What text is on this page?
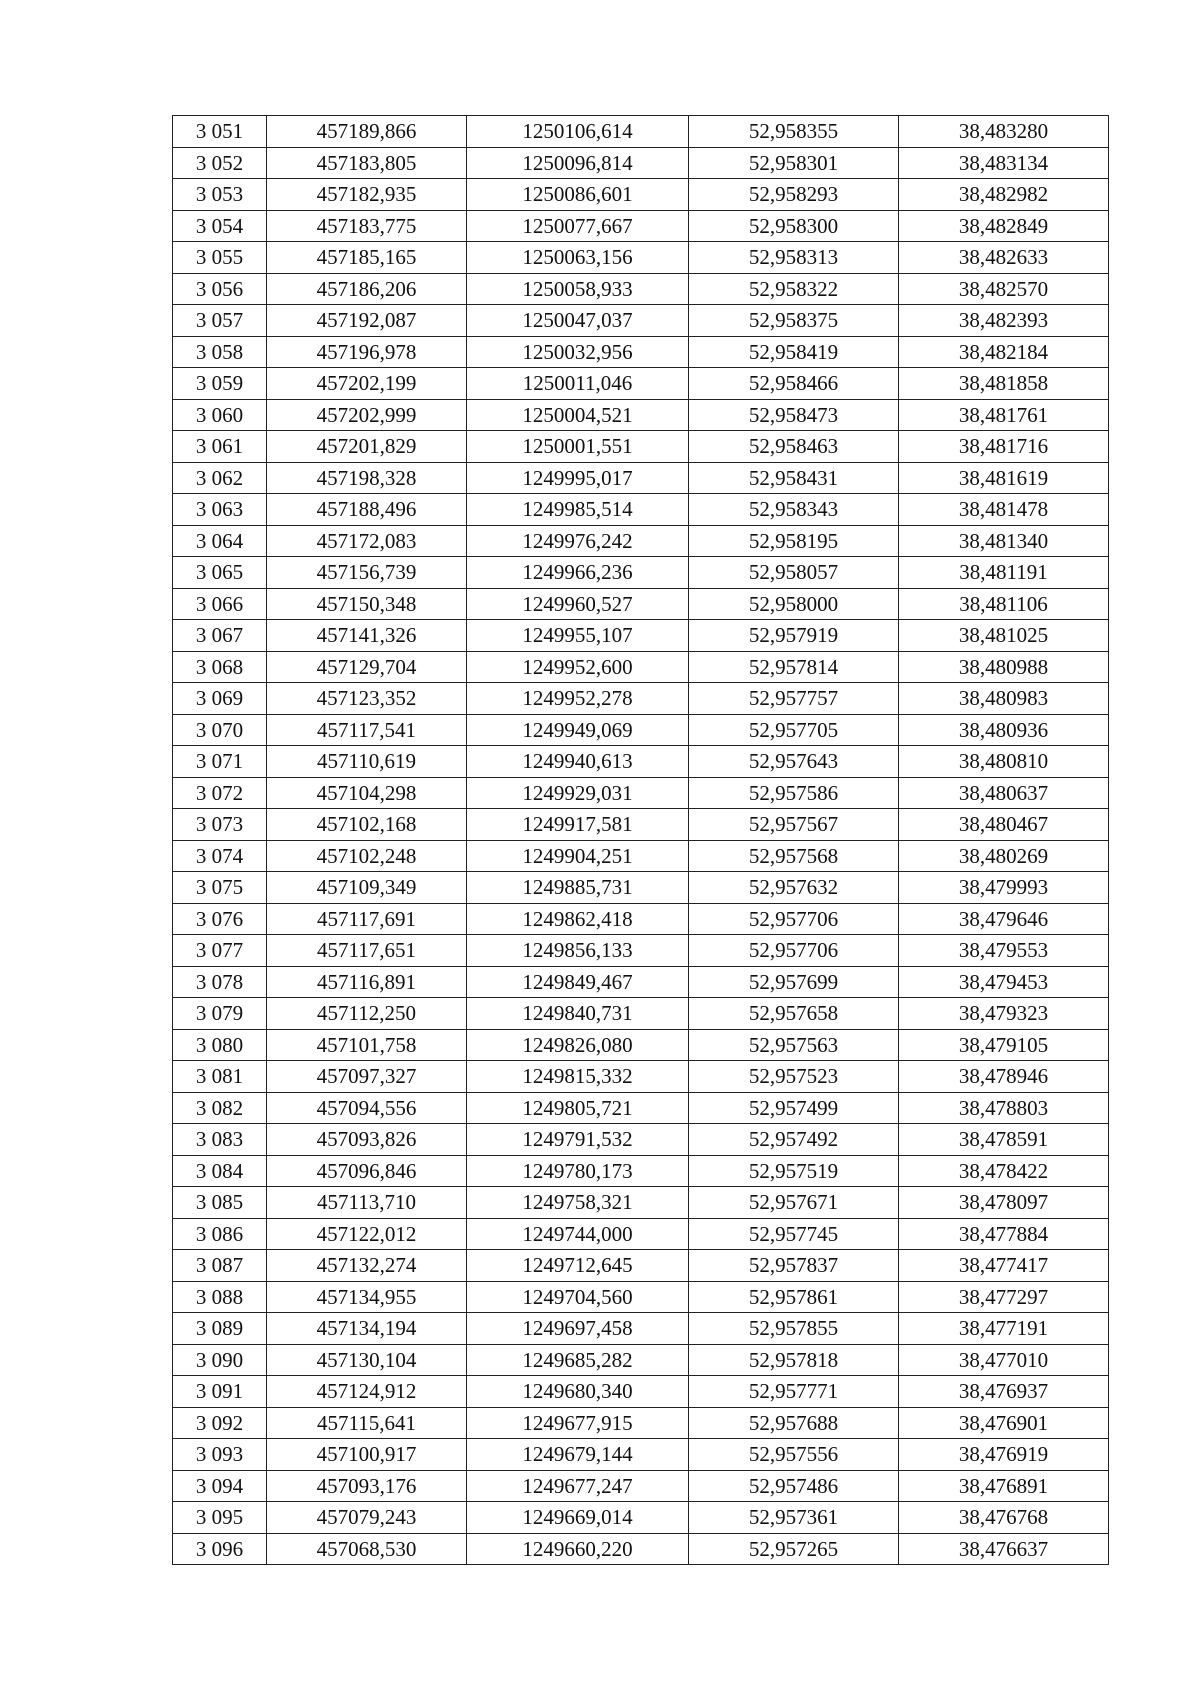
3 051	457189,866	1250106,614	52,958355	38,483280
3 052	457183,805	1250096,814	52,958301	38,483134
3 053	457182,935	1250086,601	52,958293	38,482982
3 054	457183,775	1250077,667	52,958300	38,482849
3 055	457185,165	1250063,156	52,958313	38,482633
3 056	457186,206	1250058,933	52,958322	38,482570
3 057	457192,087	1250047,037	52,958375	38,482393
3 058	457196,978	1250032,956	52,958419	38,482184
3 059	457202,199	1250011,046	52,958466	38,481858
3 060	457202,999	1250004,521	52,958473	38,481761
3 061	457201,829	1250001,551	52,958463	38,481716
3 062	457198,328	1249995,017	52,958431	38,481619
3 063	457188,496	1249985,514	52,958343	38,481478
3 064	457172,083	1249976,242	52,958195	38,481340
3 065	457156,739	1249966,236	52,958057	38,481191
3 066	457150,348	1249960,527	52,958000	38,481106
3 067	457141,326	1249955,107	52,957919	38,481025
3 068	457129,704	1249952,600	52,957814	38,480988
3 069	457123,352	1249952,278	52,957757	38,480983
3 070	457117,541	1249949,069	52,957705	38,480936
3 071	457110,619	1249940,613	52,957643	38,480810
3 072	457104,298	1249929,031	52,957586	38,480637
3 073	457102,168	1249917,581	52,957567	38,480467
3 074	457102,248	1249904,251	52,957568	38,480269
3 075	457109,349	1249885,731	52,957632	38,479993
3 076	457117,691	1249862,418	52,957706	38,479646
3 077	457117,651	1249856,133	52,957706	38,479553
3 078	457116,891	1249849,467	52,957699	38,479453
3 079	457112,250	1249840,731	52,957658	38,479323
3 080	457101,758	1249826,080	52,957563	38,479105
3 081	457097,327	1249815,332	52,957523	38,478946
3 082	457094,556	1249805,721	52,957499	38,478803
3 083	457093,826	1249791,532	52,957492	38,478591
3 084	457096,846	1249780,173	52,957519	38,478422
3 085	457113,710	1249758,321	52,957671	38,478097
3 086	457122,012	1249744,000	52,957745	38,477884
3 087	457132,274	1249712,645	52,957837	38,477417
3 088	457134,955	1249704,560	52,957861	38,477297
3 089	457134,194	1249697,458	52,957855	38,477191
3 090	457130,104	1249685,282	52,957818	38,477010
3 091	457124,912	1249680,340	52,957771	38,476937
3 092	457115,641	1249677,915	52,957688	38,476901
3 093	457100,917	1249679,144	52,957556	38,476919
3 094	457093,176	1249677,247	52,957486	38,476891
3 095	457079,243	1249669,014	52,957361	38,476768
3 096	457068,530	1249660,220	52,957265	38,476637
